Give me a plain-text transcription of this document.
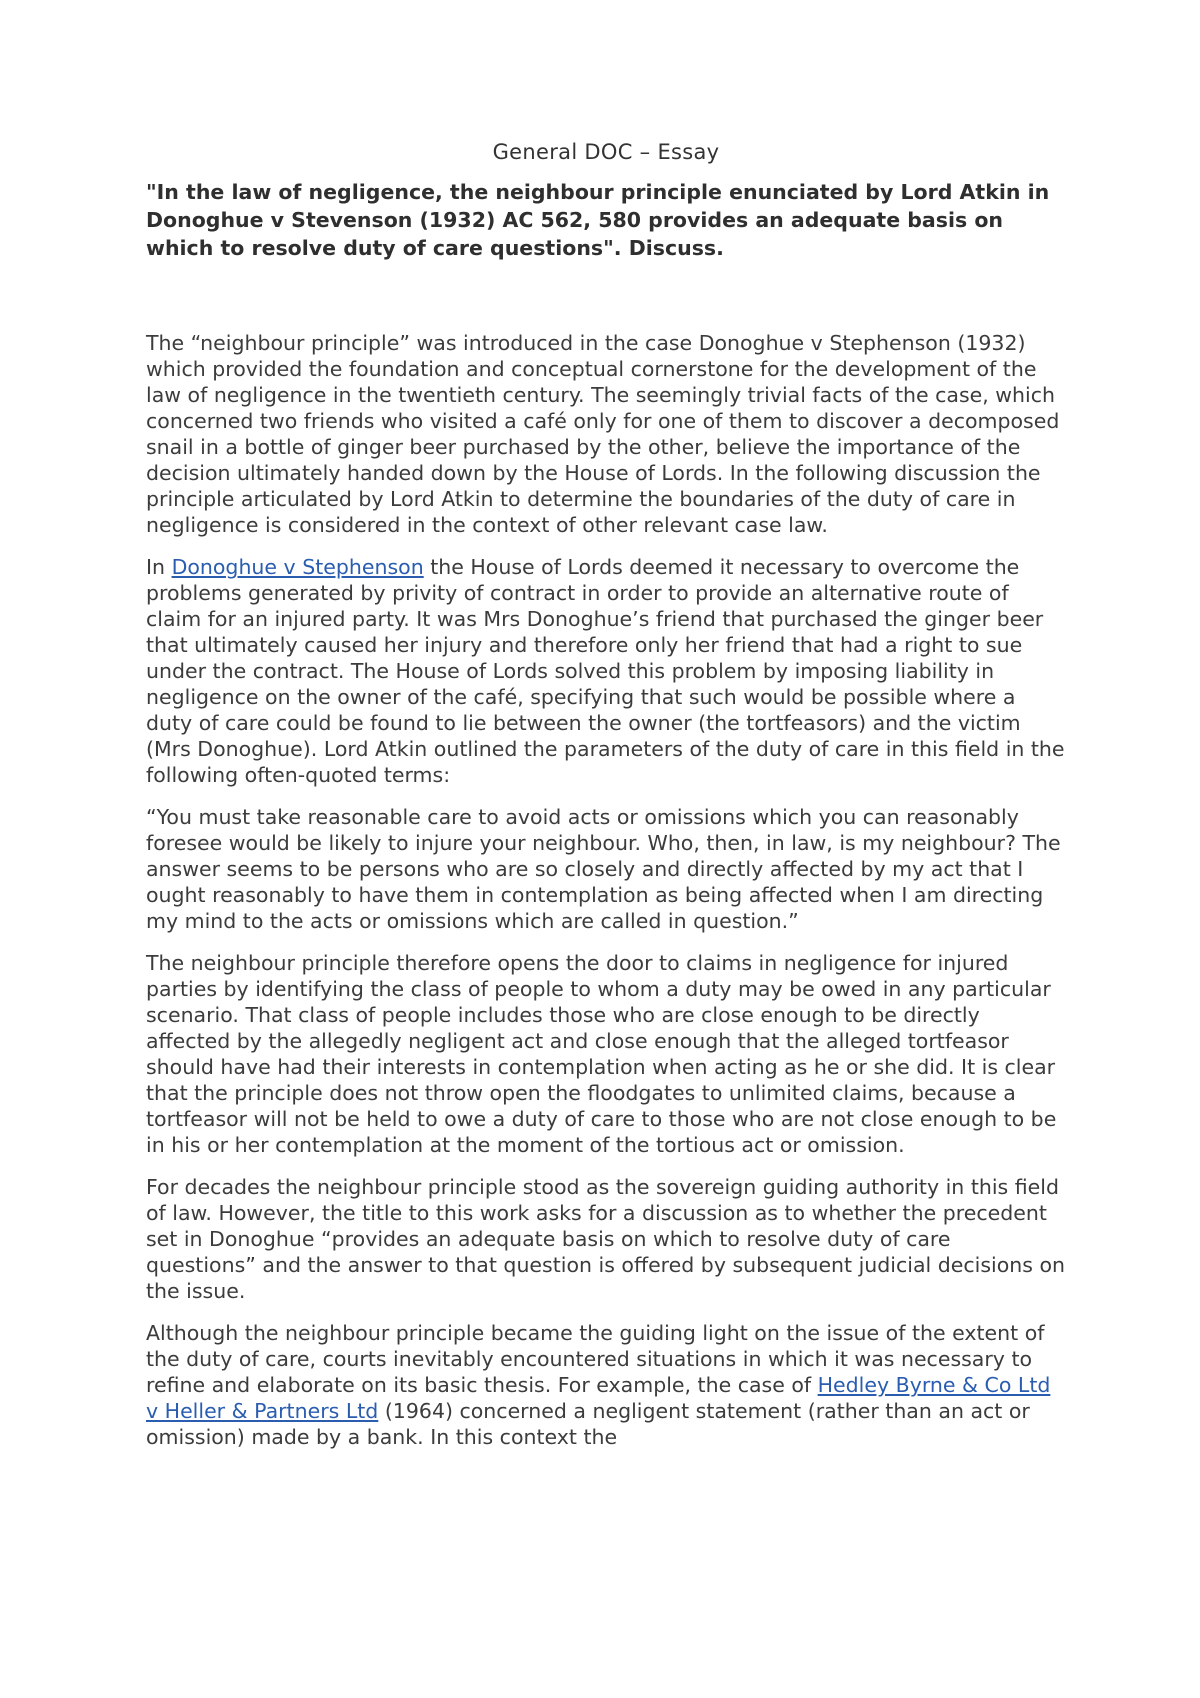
General DOC – Essay

"In the law of negligence, the neighbour principle enunciated by Lord Atkin in Donoghue v Stevenson (1932) AC 562, 580 provides an adequate basis on which to resolve duty of care questions". Discuss.

The “neighbour principle” was introduced in the case Donoghue v Stephenson (1932) which provided the foundation and conceptual cornerstone for the development of the law of negligence in the twentieth century. The seemingly trivial facts of the case, which concerned two friends who visited a café only for one of them to discover a decomposed snail in a bottle of ginger beer purchased by the other, believe the importance of the decision ultimately handed down by the House of Lords. In the following discussion the principle articulated by Lord Atkin to determine the boundaries of the duty of care in negligence is considered in the context of other relevant case law.

In Donoghue v Stephenson the House of Lords deemed it necessary to overcome the problems generated by privity of contract in order to provide an alternative route of claim for an injured party. It was Mrs Donoghue’s friend that purchased the ginger beer that ultimately caused her injury and therefore only her friend that had a right to sue under the contract. The House of Lords solved this problem by imposing liability in negligence on the owner of the café, specifying that such would be possible where a duty of care could be found to lie between the owner (the tortfeasors) and the victim (Mrs Donoghue). Lord Atkin outlined the parameters of the duty of care in this field in the following often-quoted terms:

“You must take reasonable care to avoid acts or omissions which you can reasonably foresee would be likely to injure your neighbour. Who, then, in law, is my neighbour? The answer seems to be persons who are so closely and directly affected by my act that I ought reasonably to have them in contemplation as being affected when I am directing my mind to the acts or omissions which are called in question.”

The neighbour principle therefore opens the door to claims in negligence for injured parties by identifying the class of people to whom a duty may be owed in any particular scenario. That class of people includes those who are close enough to be directly affected by the allegedly negligent act and close enough that the alleged tortfeasor should have had their interests in contemplation when acting as he or she did. It is clear that the principle does not throw open the floodgates to unlimited claims, because a tortfeasor will not be held to owe a duty of care to those who are not close enough to be in his or her contemplation at the moment of the tortious act or omission.

For decades the neighbour principle stood as the sovereign guiding authority in this field of law. However, the title to this work asks for a discussion as to whether the precedent set in Donoghue “provides an adequate basis on which to resolve duty of care questions” and the answer to that question is offered by subsequent judicial decisions on the issue.

Although the neighbour principle became the guiding light on the issue of the extent of the duty of care, courts inevitably encountered situations in which it was necessary to refine and elaborate on its basic thesis. For example, the case of Hedley Byrne & Co Ltd v Heller & Partners Ltd (1964) concerned a negligent statement (rather than an act or omission) made by a bank. In this context the
